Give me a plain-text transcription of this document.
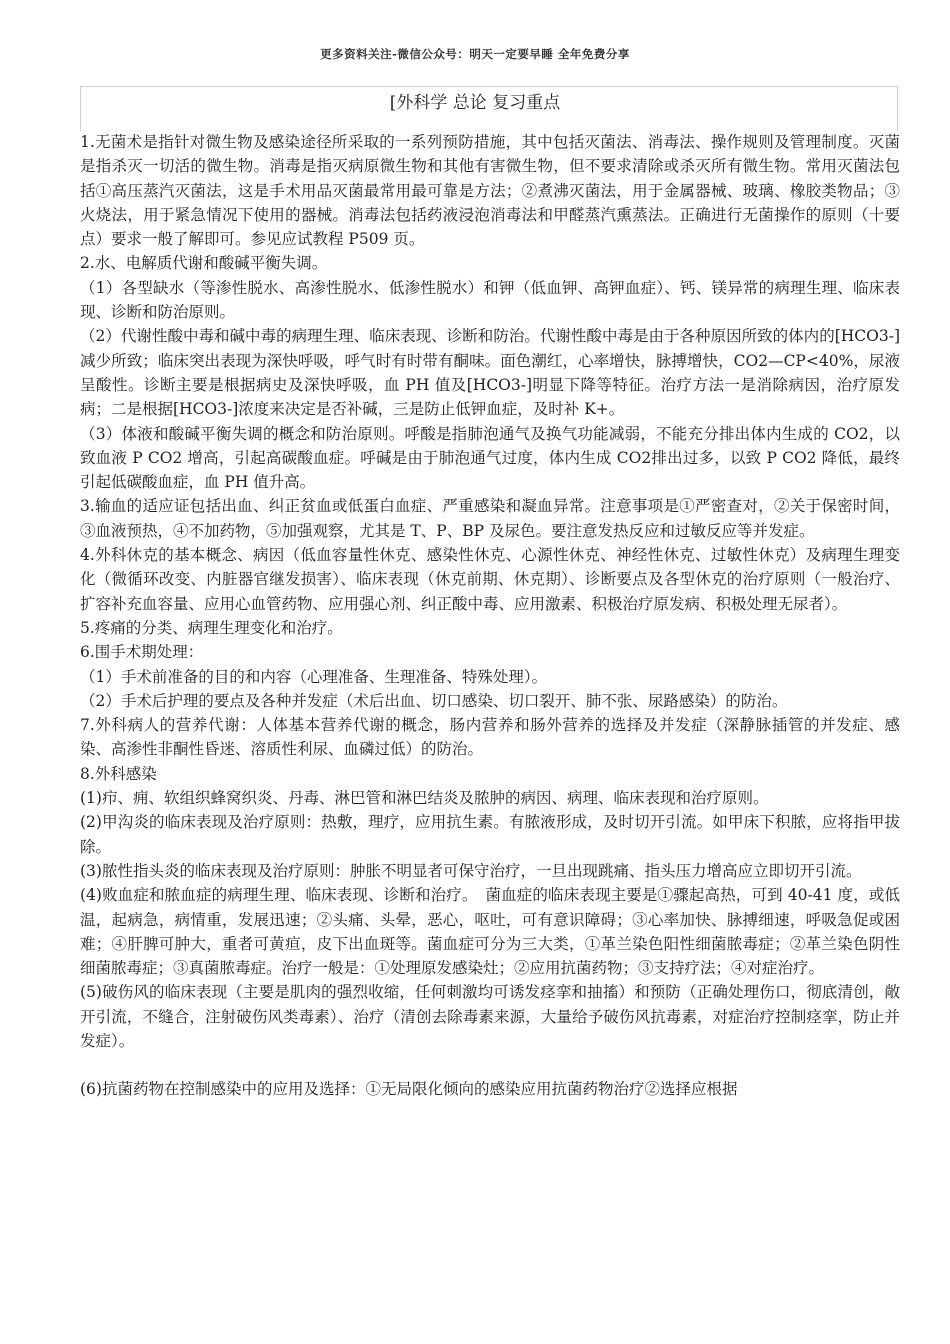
更多资料关注-微信公众号：明天一定要早睡 全年免费分享
[外科学 总论 复习重点

1.无菌术是指针对微生物及感染途径所采取的一系列预防措施，其中包括灭菌法、消毒法、操作规则及管理制度。灭菌是指杀灭一切活的微生物。消毒是指灭病原微生物和其他有害微生物，但不要求清除或杀灭所有微生物。常用灭菌法包括①高压蒸汽灭菌法，这是手术用品灭菌最常用最可靠是方法；②煮沸灭菌法，用于金属器械、玻璃、橡胶类物品；③火烧法，用于紧急情况下使用的器械。消毒法包括药液浸泡消毒法和甲醛蒸汽熏蒸法。正确进行无菌操作的原则（十要点）要求一般了解即可。参见应试教程 P509 页。

2.水、电解质代谢和酸碱平衡失调。

（1）各型缺水（等渗性脱水、高渗性脱水、低渗性脱水）和钾（低血钾、高钾血症）、钙、镁异常的病理生理、临床表现、诊断和防治原则。

（2）代谢性酸中毒和碱中毒的病理生理、临床表现、诊断和防治。代谢性酸中毒是由于各种原因所致的体内的[HCO3-]减少所致；临床突出表现为深快呼吸，呼气时有时带有酮味。面色潮红，心率增快，脉搏增快，CO2—CP<40%，尿液呈酸性。诊断主要是根据病史及深快呼吸，血 PH 值及[HCO3-]明显下降等特征。治疗方法一是消除病因，治疗原发病；二是根据[HCO3-]浓度来决定是否补碱，三是防止低钾血症，及时补 K+。

（3）体液和酸碱平衡失调的概念和防治原则。呼酸是指肺泡通气及换气功能减弱，不能充分排出体内生成的 CO2，以致血液 P CO2 增高，引起高碳酸血症。呼碱是由于肺泡通气过度，体内生成 CO2排出过多，以致 P CO2 降低，最终引起低碳酸血症，血 PH 值升高。

3.输血的适应证包括出血、纠正贫血或低蛋白血症、严重感染和凝血异常。注意事项是①严密查对，②关于保密时间，③血液预热，④不加药物，⑤加强观察，尤其是 T、P、BP 及尿色。要注意发热反应和过敏反应等并发症。

4.外科休克的基本概念、病因（低血容量性休克、感染性休克、心源性休克、神经性休克、过敏性休克）及病理生理变化（微循环改变、内脏器官继发损害）、临床表现（休克前期、休克期）、诊断要点及各型休克的治疗原则（一般治疗、扩容补充血容量、应用心血管药物、应用强心剂、纠正酸中毒、应用激素、积极治疗原发病、积极处理无尿者）。

5.疼痛的分类、病理生理变化和治疗。

6.围手术期处理：

（1）手术前准备的目的和内容（心理准备、生理准备、特殊处理）。

（2）手术后护理的要点及各种并发症（术后出血、切口感染、切口裂开、肺不张、尿路感染）的防治。

7.外科病人的营养代谢：人体基本营养代谢的概念，肠内营养和肠外营养的选择及并发症（深静脉插管的并发症、感染、高渗性非酮性昏迷、溶质性利尿、血磷过低）的防治。

8.外科感染

(1)疖、痈、软组织蜂窝织炎、丹毒、淋巴管和淋巴结炎及脓肿的病因、病理、临床表现和治疗原则。

(2)甲沟炎的临床表现及治疗原则：热敷，理疗，应用抗生素。有脓液形成，及时切开引流。如甲床下积脓，应将指甲拔除。

(3)脓性指头炎的临床表现及治疗原则：肿胀不明显者可保守治疗，一旦出现跳痛、指头压力增高应立即切开引流。

(4)败血症和脓血症的病理生理、临床表现、诊断和治疗。　菌血症的临床表现主要是①骤起高热，可到 40-41 度，或低温，起病急，病情重，发展迅速；②头痛、头晕，恶心，呕吐，可有意识障碍；③心率加快、脉搏细速，呼吸急促或困难；④肝脾可肿大，重者可黄疸，皮下出血斑等。菌血症可分为三大类，①革兰染色阳性细菌脓毒症；②革兰染色阴性细菌脓毒症；③真菌脓毒症。治疗一般是：①处理原发感染灶；②应用抗菌药物；③支持疗法；④对症治疗。

(5)破伤风的临床表现（主要是肌肉的强烈收缩，任何刺激均可诱发痉挛和抽搐）和预防（正确处理伤口，彻底清创，敞开引流，不缝合，注射破伤风类毒素）、治疗（清创去除毒素来源，大量给予破伤风抗毒素，对症治疗控制痉挛，防止并发症）。

(6)抗菌药物在控制感染中的应用及选择：①无局限化倾向的感染应用抗菌药物治疗②选择应根据
